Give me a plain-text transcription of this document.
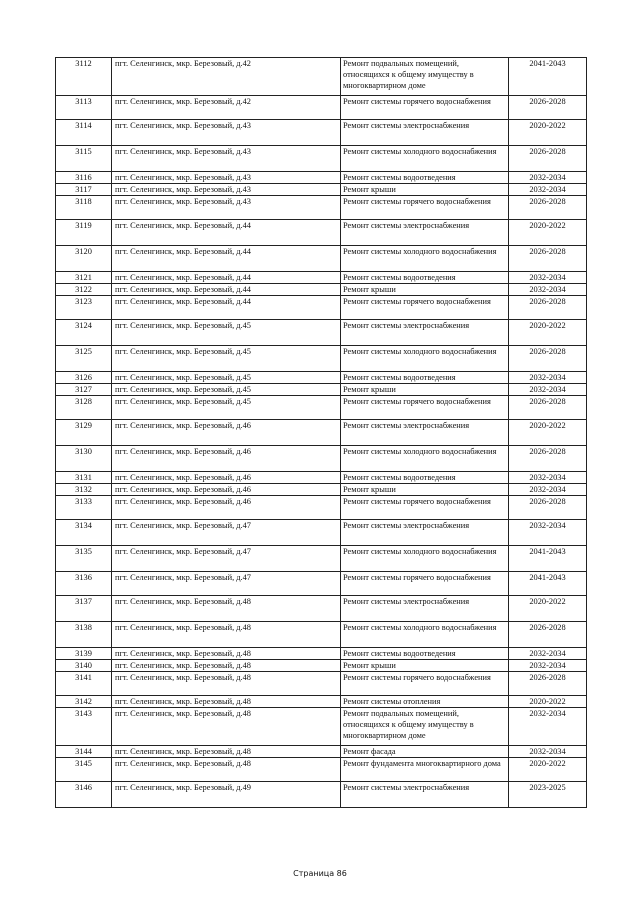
3112	пгт. Селенгинск, мкр. Березовый, д.42	Ремонт подвальных помещений, относящихся к общему имуществу в многоквартирном доме	2041-2043
3113	пгт. Селенгинск, мкр. Березовый, д.42	Ремонт системы горячего водоснабжения	2026-2028
3114	пгт. Селенгинск, мкр. Березовый, д.43	Ремонт системы электроснабжения	2020-2022
3115	пгт. Селенгинск, мкр. Березовый, д.43	Ремонт системы холодного водоснабжения	2026-2028
3116	пгт. Селенгинск, мкр. Березовый, д.43	Ремонт системы водоотведения	2032-2034
3117	пгт. Селенгинск, мкр. Березовый, д.43	Ремонт крыши	2032-2034
3118	пгт. Селенгинск, мкр. Березовый, д.43	Ремонт системы горячего водоснабжения	2026-2028
3119	пгт. Селенгинск, мкр. Березовый, д.44	Ремонт системы электроснабжения	2020-2022
3120	пгт. Селенгинск, мкр. Березовый, д.44	Ремонт системы холодного водоснабжения	2026-2028
3121	пгт. Селенгинск, мкр. Березовый, д.44	Ремонт системы водоотведения	2032-2034
3122	пгт. Селенгинск, мкр. Березовый, д.44	Ремонт крыши	2032-2034
3123	пгт. Селенгинск, мкр. Березовый, д.44	Ремонт системы горячего водоснабжения	2026-2028
3124	пгт. Селенгинск, мкр. Березовый, д.45	Ремонт системы электроснабжения	2020-2022
3125	пгт. Селенгинск, мкр. Березовый, д.45	Ремонт системы холодного водоснабжения	2026-2028
3126	пгт. Селенгинск, мкр. Березовый, д.45	Ремонт системы водоотведения	2032-2034
3127	пгт. Селенгинск, мкр. Березовый, д.45	Ремонт крыши	2032-2034
3128	пгт. Селенгинск, мкр. Березовый, д.45	Ремонт системы горячего водоснабжения	2026-2028
3129	пгт. Селенгинск, мкр. Березовый, д.46	Ремонт системы электроснабжения	2020-2022
3130	пгт. Селенгинск, мкр. Березовый, д.46	Ремонт системы холодного водоснабжения	2026-2028
3131	пгт. Селенгинск, мкр. Березовый, д.46	Ремонт системы водоотведения	2032-2034
3132	пгт. Селенгинск, мкр. Березовый, д.46	Ремонт крыши	2032-2034
3133	пгт. Селенгинск, мкр. Березовый, д.46	Ремонт системы горячего водоснабжения	2026-2028
3134	пгт. Селенгинск, мкр. Березовый, д.47	Ремонт системы электроснабжения	2032-2034
3135	пгт. Селенгинск, мкр. Березовый, д.47	Ремонт системы холодного водоснабжения	2041-2043
3136	пгт. Селенгинск, мкр. Березовый, д.47	Ремонт системы горячего водоснабжения	2041-2043
3137	пгт. Селенгинск, мкр. Березовый, д.48	Ремонт системы электроснабжения	2020-2022
3138	пгт. Селенгинск, мкр. Березовый, д.48	Ремонт системы холодного водоснабжения	2026-2028
3139	пгт. Селенгинск, мкр. Березовый, д.48	Ремонт системы водоотведения	2032-2034
3140	пгт. Селенгинск, мкр. Березовый, д.48	Ремонт крыши	2032-2034
3141	пгт. Селенгинск, мкр. Березовый, д.48	Ремонт системы горячего водоснабжения	2026-2028
3142	пгт. Селенгинск, мкр. Березовый, д.48	Ремонт системы отопления	2020-2022
3143	пгт. Селенгинск, мкр. Березовый, д.48	Ремонт подвальных помещений, относящихся к общему имуществу в многоквартирном доме	2032-2034
3144	пгт. Селенгинск, мкр. Березовый, д.48	Ремонт фасада	2032-2034
3145	пгт. Селенгинск, мкр. Березовый, д.48	Ремонт фундамента многоквартирного дома	2020-2022
3146	пгт. Селенгинск, мкр. Березовый, д.49	Ремонт системы электроснабжения	2023-2025
Страница 86
